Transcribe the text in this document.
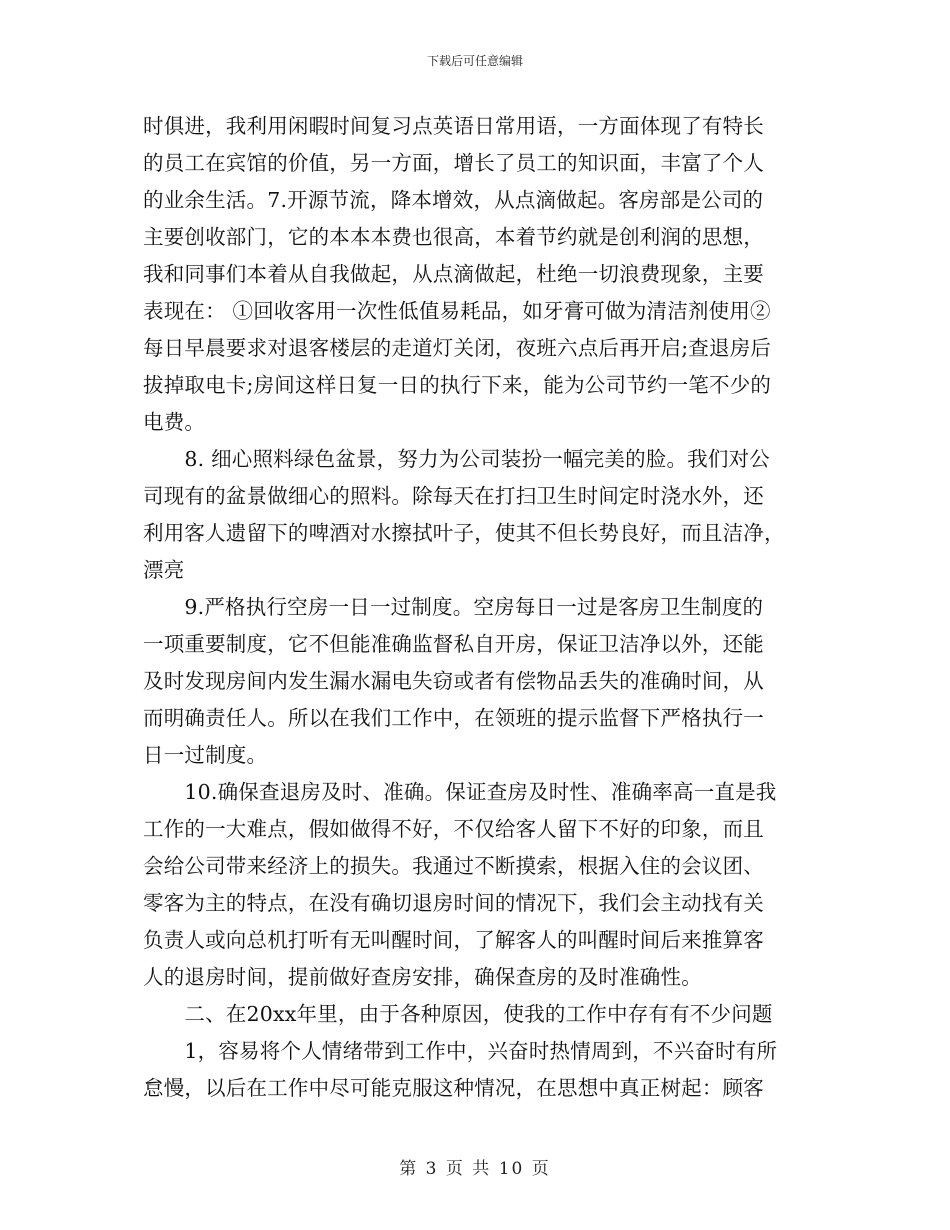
下载后可任意编辑
时俱进，我利用闲暇时间复习点英语日常用语，一方面体现了有特长
的员工在宾馆的价值，另一方面，增长了员工的知识面，丰富了个人
的业余生活。7.开源节流，降本增效，从点滴做起。客房部是公司的
主要创收部门，它的本本本费也很高，本着节约就是创利润的思想，
我和同事们本着从自我做起，从点滴做起，杜绝一切浪费现象，主要
表现在： ①回收客用一次性低值易耗品，如牙膏可做为清洁剂使用②
每日早晨要求对退客楼层的走道灯关闭，夜班六点后再开启;查退房后
拔掉取电卡;房间这样日复一日的执行下来，能为公司节约一笔不少的
电费。
　　8. 细心照料绿色盆景，努力为公司装扮一幅完美的脸。我们对公
司现有的盆景做细心的照料。除每天在打扫卫生时间定时浇水外，还
利用客人遗留下的啤酒对水擦拭叶子，使其不但长势良好，而且洁净，
漂亮
　　9.严格执行空房一日一过制度。空房每日一过是客房卫生制度的
一项重要制度，它不但能准确监督私自开房，保证卫洁净以外，还能
及时发现房间内发生漏水漏电失窃或者有偿物品丢失的准确时间，从
而明确责任人。所以在我们工作中，在领班的提示监督下严格执行一
日一过制度。
　　10.确保查退房及时、准确。保证查房及时性、准确率高一直是我
工作的一大难点，假如做得不好，不仅给客人留下不好的印象，而且
会给公司带来经济上的损失。我通过不断摸索，根据入住的会议团、
零客为主的特点，在没有确切退房时间的情况下，我们会主动找有关
负责人或向总机打听有无叫醒时间，了解客人的叫醒时间后来推算客
人的退房时间，提前做好查房安排，确保查房的及时准确性。
　　二、在20xx年里，由于各种原因，使我的工作中存有有不少问题
　　1，容易将个人情绪带到工作中，兴奋时热情周到，不兴奋时有所
怠慢，以后在工作中尽可能克服这种情况，在思想中真正树起：顾客
第 3 页 共 10 页
